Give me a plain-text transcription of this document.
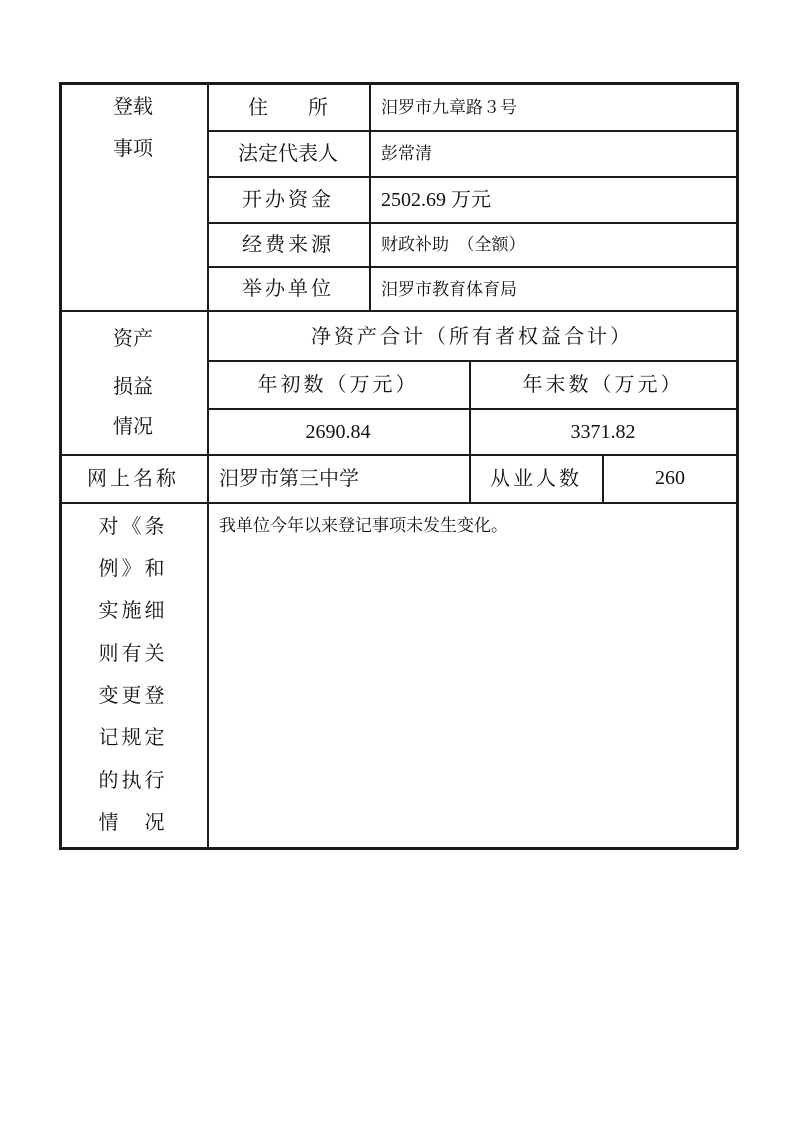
登载
事项
住　　所	汨罗市九章路３号
法定代表人	彭常清
开办资金 2502.69 万元
经费来源	财政补助　（全额）
举办单位	汨罗市教育体育局
资产
损益
情况
净资产合计（所有者权益合计）
年初数（万元）	年末数（万元）
2690.84	3371.82
网上名称 汨罗市第三中学	从业人数	260
对《条
例》和
实施细
则有关
变更登
记规定
的执行
情　况
我单位今年以来登记事项未发生变化。
